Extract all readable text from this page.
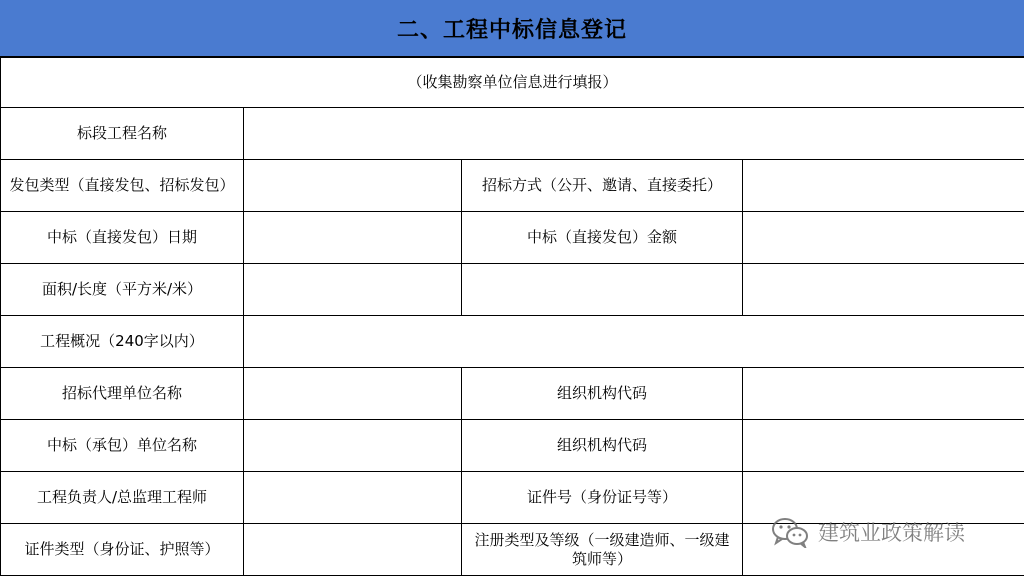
二、工程中标信息登记
（收集勘察单位信息进行填报）			
标段工程名称			
发包类型（直接发包、招标发包）		招标方式（公开、邀请、直接委托）	
中标（直接发包）日期		中标（直接发包）金额	
面积/长度（平方米/米）			
工程概况（240字以内）			
招标代理单位名称		组织机构代码	
中标（承包）单位名称		组织机构代码	
工程负责人/总监理工程师		证件号（身份证号等）	
证件类型（身份证、护照等）		注册类型及等级（一级建造师、一级建筑师等）	
建筑业政策解读
